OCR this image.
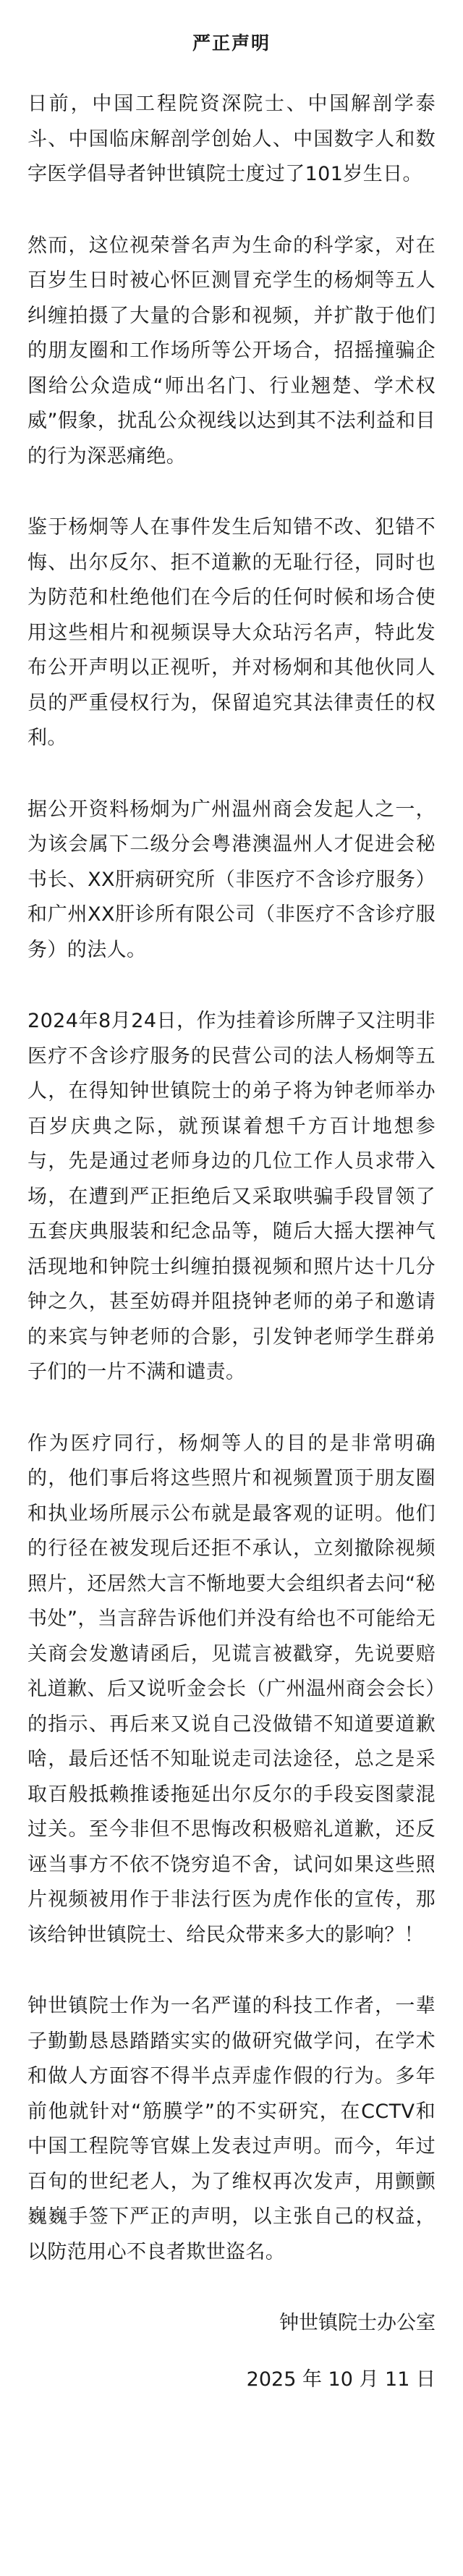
严正声明

日前，中国工程院资深院士、中国解剖学泰斗、中国临床解剖学创始人、中国数字人和数字医学倡导者钟世镇院士度过了101岁生日。

然而，这位视荣誉名声为生命的科学家，对在百岁生日时被心怀叵测冒充学生的杨炯等五人纠缠拍摄了大量的合影和视频，并扩散于他们的朋友圈和工作场所等公开场合，招摇撞骗企图给公众造成“师出名门、行业翘楚、学术权威”假象，扰乱公众视线以达到其不法利益和目的行为深恶痛绝。

鉴于杨炯等人在事件发生后知错不改、犯错不悔、出尔反尔、拒不道歉的无耻行径，同时也为防范和杜绝他们在今后的任何时候和场合使用这些相片和视频误导大众玷污名声，特此发布公开声明以正视听，并对杨炯和其他伙同人员的严重侵权行为，保留追究其法律责任的权利。

据公开资料杨炯为广州温州商会发起人之一，为该会属下二级分会粤港澳温州人才促进会秘书长、XX肝病研究所（非医疗不含诊疗服务）和广州XX肝诊所有限公司（非医疗不含诊疗服务）的法人。

2024年8月24日，作为挂着诊所牌子又注明非医疗不含诊疗服务的民营公司的法人杨炯等五人，在得知钟世镇院士的弟子将为钟老师举办百岁庆典之际，就预谋着想千方百计地想参与，先是通过老师身边的几位工作人员求带入场，在遭到严正拒绝后又采取哄骗手段冒领了五套庆典服装和纪念品等，随后大摇大摆神气活现地和钟院士纠缠拍摄视频和照片达十几分钟之久，甚至妨碍并阻挠钟老师的弟子和邀请的来宾与钟老师的合影，引发钟老师学生群弟子们的一片不满和谴责。

作为医疗同行，杨炯等人的目的是非常明确的，他们事后将这些照片和视频置顶于朋友圈和执业场所展示公布就是最客观的证明。他们的行径在被发现后还拒不承认，立刻撤除视频照片，还居然大言不惭地要大会组织者去问“秘书处”，当言辞告诉他们并没有给也不可能给无关商会发邀请函后，见谎言被戳穿，先说要赔礼道歉、后又说听金会长（广州温州商会会长）的指示、再后来又说自己没做错不知道要道歉啥，最后还恬不知耻说走司法途径，总之是采取百般抵赖推诿拖延出尔反尔的手段妄图蒙混过关。至今非但不思悔改积极赔礼道歉，还反诬当事方不依不饶穷追不舍，试问如果这些照片视频被用作于非法行医为虎作伥的宣传，那该给钟世镇院士、给民众带来多大的影响？！

钟世镇院士作为一名严谨的科技工作者，一辈子勤勤恳恳踏踏实实的做研究做学问，在学术和做人方面容不得半点弄虚作假的行为。多年前他就针对“筋膜学”的不实研究，在CCTV和中国工程院等官媒上发表过声明。而今，年过百旬的世纪老人，为了维权再次发声，用颤颤巍巍手签下严正的声明，以主张自己的权益，以防范用心不良者欺世盗名。

钟世镇院士办公室
2025 年 10 月 11 日
